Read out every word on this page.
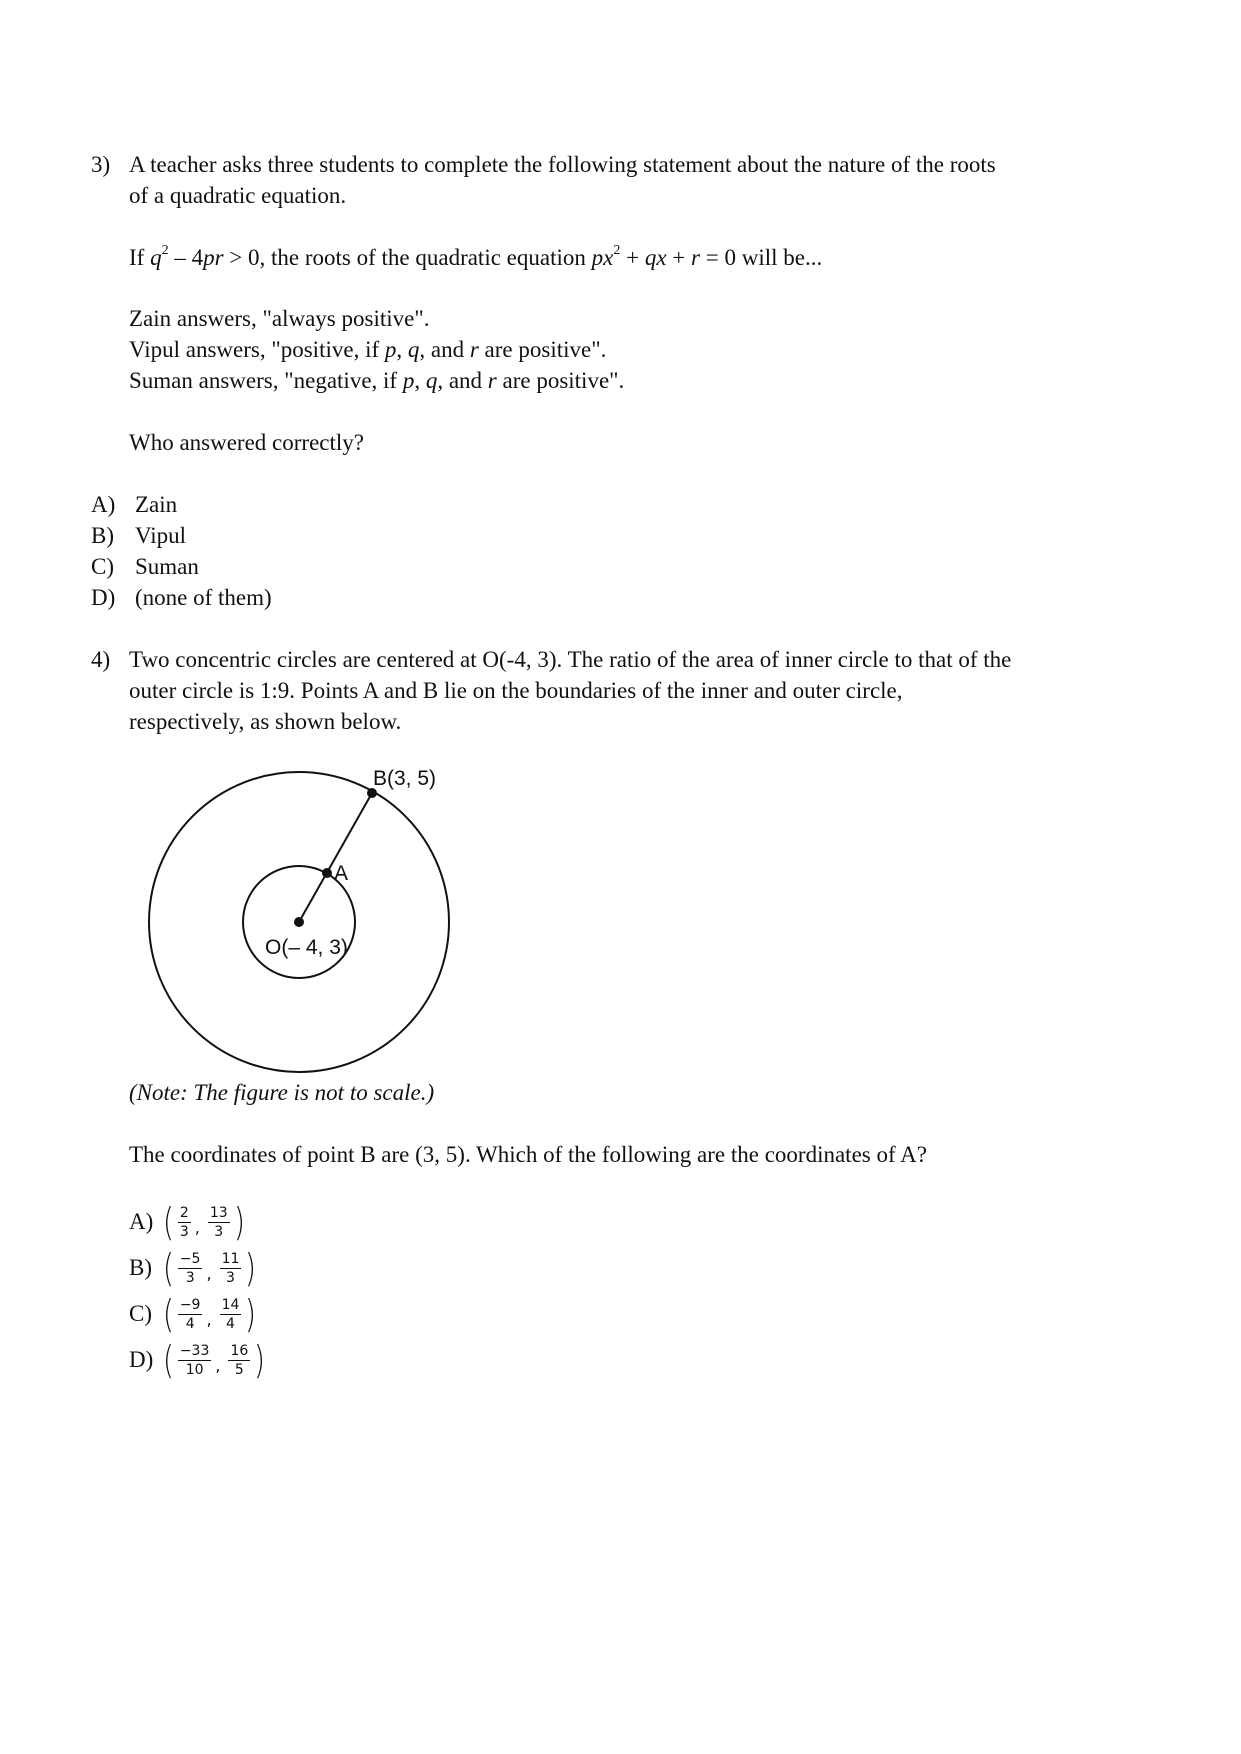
3) A teacher asks three students to complete the following statement about the nature of the roots
of a quadratic equation.
If $q^2 - 4pr > 0$, the roots of the quadratic equation $px^2$ + qx + r = 0 will be...
Zain answers, "always positive".
Vipul answers, "positive, if p, q, and r are positive".
Suman answers, "negative, if p, q, and r are positive".
Who answered correctly?
A) Zain
B) Vipul
C) Suman
D) (none of them)
4) Two concentric circles are centered at O(-4, 3). The ratio of the area of inner circle to that of the
outer circle is 1:9. Points A and B lie on the boundaries of the inner and outer circle,
respectively, as shown below.
B(3, 5)
A
O(– 4, 3)
(Note: The figure is not to scale.)
The coordinates of point B are (3, 5). Which of the following are the coordinates of A?
A) ( $\frac{2}{3}$ , $\frac{13}{3}$ )
B) ( $\frac{-5}{3}$ , $\frac{11}{3}$ )
C) ( $\frac{-9}{4}$ , $\frac{14}{4}$ )
D) ( $\frac{-33}{10}$ , $\frac{16}{5}$ )
